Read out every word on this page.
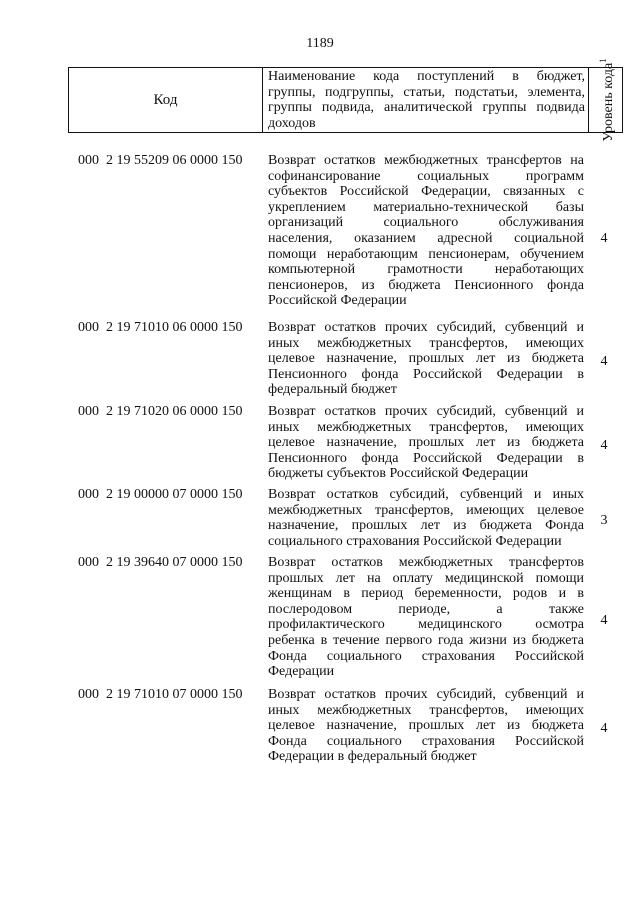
1189
Код
Наименование кода поступлений в бюджет,
группы, подгруппы, статьи, подстатьи, элемента,
группы подвида, аналитической группы подвида
доходов	Уровень кода$^1$
000  2 19 55209 06 0000 150 Возврат остатков межбюджетных трансфертов на
софинансирование социальных программ
субъектов Российской Федерации, связанных с
укреплением материально-технической базы
организаций социального обслуживания
населения, оказанием адресной социальной
помощи неработающим пенсионерам, обучением
компьютерной грамотности неработающих
пенсионеров, из бюджета Пенсионного фонда
Российской Федерации
4
000  2 19 71010 06 0000 150 Возврат остатков прочих субсидий, субвенций и
иных межбюджетных трансфертов, имеющих
целевое назначение, прошлых лет из бюджета
Пенсионного фонда Российской Федерации в
федеральный бюджет
4
000  2 19 71020 06 0000 150 Возврат остатков прочих субсидий, субвенций и
иных межбюджетных трансфертов, имеющих
целевое назначение, прошлых лет из бюджета
Пенсионного фонда Российской Федерации в
бюджеты субъектов Российской Федерации
4
000  2 19 00000 07 0000 150 Возврат остатков субсидий, субвенций и иных
межбюджетных трансфертов, имеющих целевое
назначение, прошлых лет из бюджета Фонда
социального страхования Российской Федерации
3
000  2 19 39640 07 0000 150 Возврат остатков межбюджетных трансфертов
прошлых лет на оплату медицинской помощи
женщинам в период беременности, родов и в
послеродовом периоде, а также
профилактического медицинского осмотра
ребенка в течение первого года жизни из бюджета
Фонда социального страхования Российской
Федерации
4
000  2 19 71010 07 0000 150 Возврат остатков прочих субсидий, субвенций и
иных межбюджетных трансфертов, имеющих
целевое назначение, прошлых лет из бюджета
Фонда социального страхования Российской
Федерации в федеральный бюджет
4
